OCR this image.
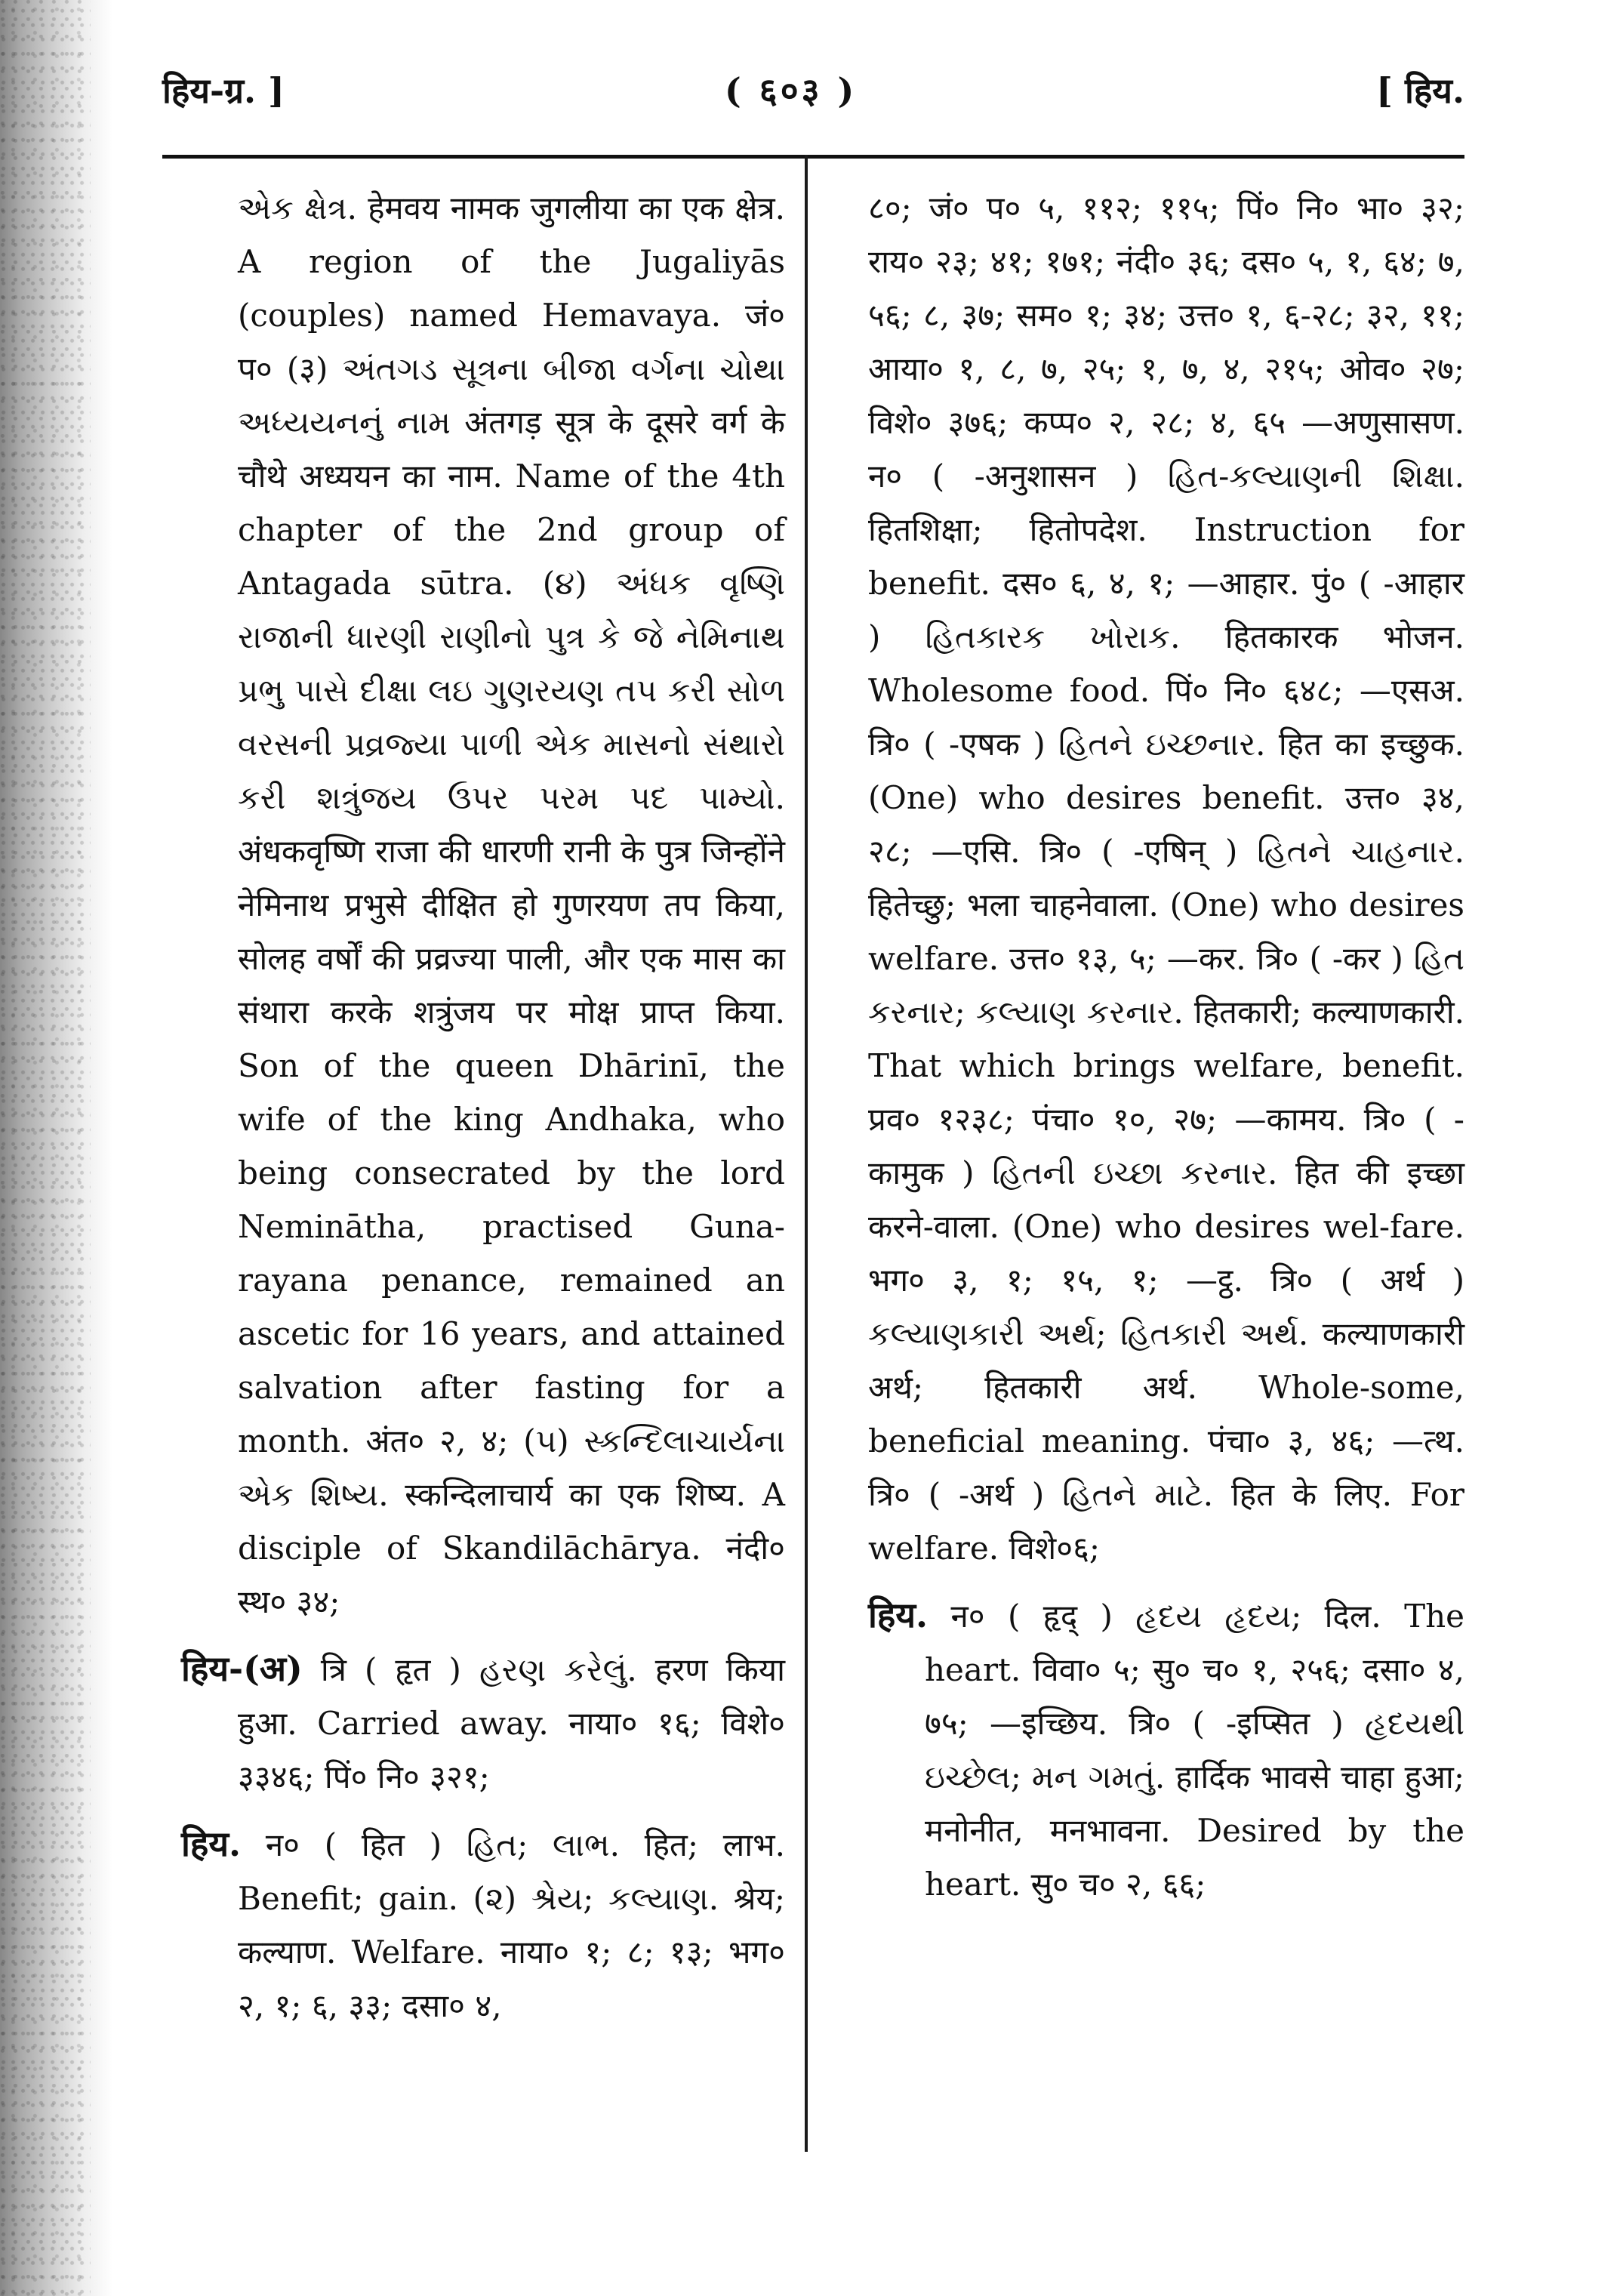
हिय-ग्र. ]	( ६०३ )	[ हिय.

એક ક્ષેત્ર. हेमवय नामक जुगलीया का एक क्षेत्र. A region of the Jugaliyās (couples) named Hemavaya. जं० प० (३) અંતગડ સૂત્રના બીજા વર્ગના ચોથા અધ્યયનનું નામ अंतगड़ सूत्र के दूसरे वर्ग के चौथे अध्ययन का नाम. Name of the 4th chapter of the 2nd group of Antagada sūtra. (૪) અંધક વૃષ્ણિ રાજાની ધારણી રાણીનો પુત્ર કે જે નેમિનાથ પ્રભુ પાસે દીક્ષા લઇ ગુણરયણ તપ કરી સોળ વરસની પ્રવ્રજ્યા પાળી એક માસનો સંથારો કરી શત્રુંજય ઉપર પરમ પદ પામ્યો. अंधकवृष्णि राजा की धारणी रानी के पुत्र जिन्होंने नेमिनाथ प्रभुसे दीक्षित हो गुणरयण तप किया, सोलह वर्षों की प्रव्रज्या पाली, और एक मास का संथारा करके शत्रुंजय पर मोक्ष प्राप्त किया. Son of the queen Dhārinī, the wife of the king Andhaka, who being consecrated by the lord Neminātha, practised Guna-rayana penance, remained an ascetic for 16 years, and attained salvation after fasting for a month. अंत० २, ४; (૫) સ્કન્દિલાચાર્યના એક શિષ્ય. स्कन्दिलाचार्य का एक शिष्य. A disciple of Skandilāchārya. नंदी० स्थ० ३४;

हिय-(अ) त्रि ( हृत ) હરણ કરેલું. हरण किया हुआ. Carried away. नाया० १६; विशे० ३३४६; पिं० नि० ३२१;

हिय. न० ( हित ) હિત; લાભ. हित; लाभ. Benefit; gain. (૨) શ્રેય; કલ્યાણ. श्रेय; कल्याण. Welfare. नाया० १; ८; १३; भग० २, १; ६, ३३; दसा० ४,

८०; जं० प० ५, ११२; ११५; पिं० नि० भा० ३२; राय० २३; ४१; १७१; नंदी० ३६; दस० ५, १, ६४; ७, ५६; ८, ३७; सम० १; ३४; उत्त० १, ६-२८; ३२, ११; आया० १, ८, ७, २५; १, ७, ४, २१५; ओव० २७; विशे० ३७६; कप्प० २, २८; ४, ६५ —अणुसासण. न० ( -अनुशासन ) હિત-કલ્યાણની શિક્ષા. हितशिक्षा; हितोपदेश. Instruction for benefit. दस० ६, ४, १; —आहार. पुं० ( -आहार ) હિતકારક ખોરાક. हितकारक भोजन. Wholesome food. पिं० नि० ६४८; —एसअ. त्रि० ( -एषक ) હિતને ઇચ્છનાર. हित का इच्छुक. (One) who desires benefit. उत्त० ३४, २८; —एसि. त्रि० ( -एषिन् ) હિતને ચાહનાર. हितेच्छु; भला चाहनेवाला. (One) who desires welfare. उत्त० १३, ५; —कर. त्रि० ( -कर ) હિત કરનાર; કલ્યાણ કરનાર. हितकारी; कल्याणकारी. That which brings welfare, benefit. प्रव० १२३८; पंचा० १०, २७; —कामय. त्रि० ( -कामुक ) હિતની ઇચ્છા કરનાર. हित की इच्छा करने-वाला. (One) who desires wel-fare. भग० ३, १; १५, १; —ट्ठ. त्रि० ( अर्थ ) કલ્યાણકારી અર્થ; હિતકારી અર્થ. कल्याणकारी अर्थ; हितकारी अर्थ. Whole-some, beneficial meaning. पंचा० ३, ४६; —त्थ. त्रि० ( -अर्थ ) હિતને માટે. हित के लिए. For welfare. विशे०६;

हिय. न० ( हृद् ) હૃદય હૃદય; दिल. The heart. विवा० ५; सु० च० १, २५६; दसा० ४, ७५; —इच्छिय. त्रि० ( -इप्सित ) હૃદયથી ઇચ્છેલ; મન ગમતું. हार्दिक भावसे चाहा हुआ; मनोनीत, मनभावना. Desired by the heart. सु० च० २, ६६;
